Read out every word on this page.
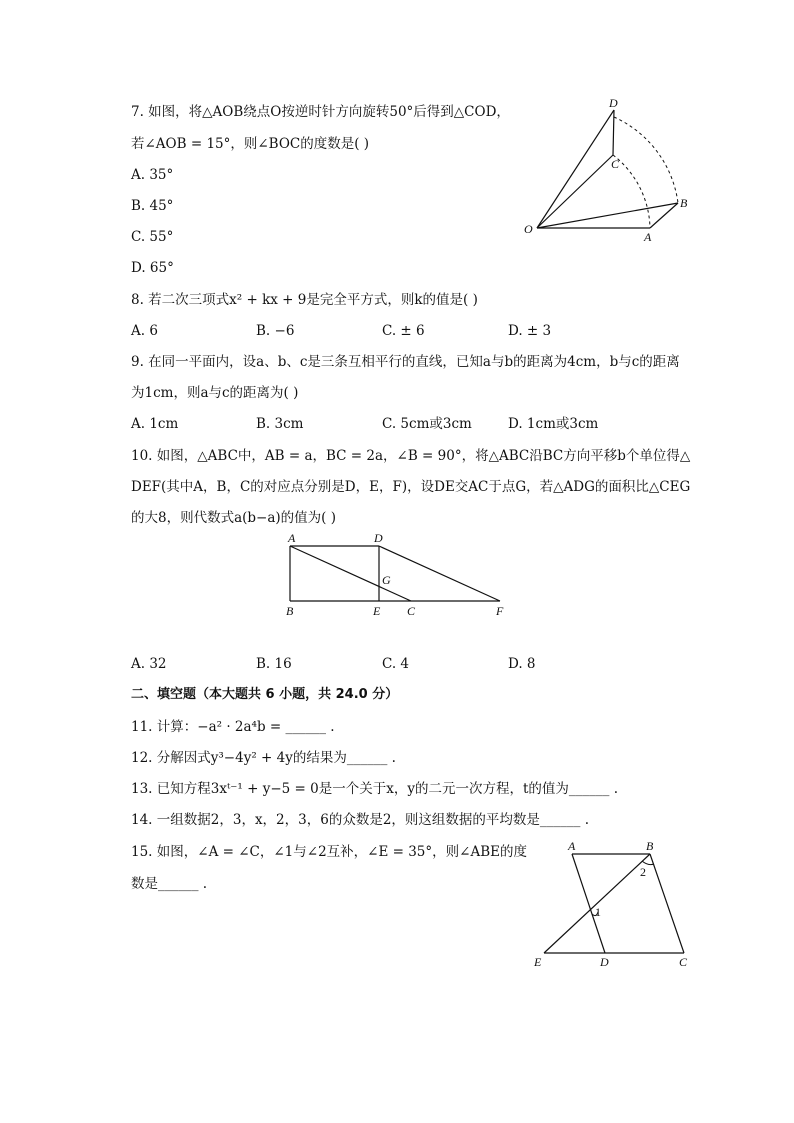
7. 如图，将△AOB绕点O按逆时针方向旋转50°后得到△COD，
若∠AOB = 15°，则∠BOC的度数是( )
A. 35°
B. 45°
C. 55°
D. 65°
D
C
B
O
A
8. 若二次三项式x² + kx + 9是完全平方式，则k的值是( )
A. 6	B. −6	C. ± 6	D. ± 3
9. 在同一平面内，设a、b、c是三条互相平行的直线，已知a与b的距离为4cm，b与c的距离
为1cm，则a与c的距离为( )
A. 1cm	B. 3cm	C. 5cm或3cm	D. 1cm或3cm
10. 如图，△ABC中，AB = a，BC = 2a，∠B = 90°，将△ABC沿BC方向平移b个单位得△
DEF(其中A，B，C的对应点分别是D，E，F)，设DE交AC于点G，若△ADG的面积比△CEG
的大8，则代数式a(b−a)的值为( )
A	D
G
B	E C	F
A. 32	B. 16	C. 4	D. 8
二、填空题（本大题共 6 小题，共 24.0 分）
11. 计算：−a² · 2a⁴b = ______ .
12. 分解因式y³−4y² + 4y的结果为______ .
13. 已知方程3xᵗ⁻¹ + y−5 = 0是一个关于x，y的二元一次方程，t的值为______ .
14. 一组数据2，3，x，2，3，6的众数是2，则这组数据的平均数是______ .
15. 如图，∠A = ∠C，∠1与∠2互补，∠E = 35°，则∠ABE的度
数是______ .
A	B
2
1
E	D	C
